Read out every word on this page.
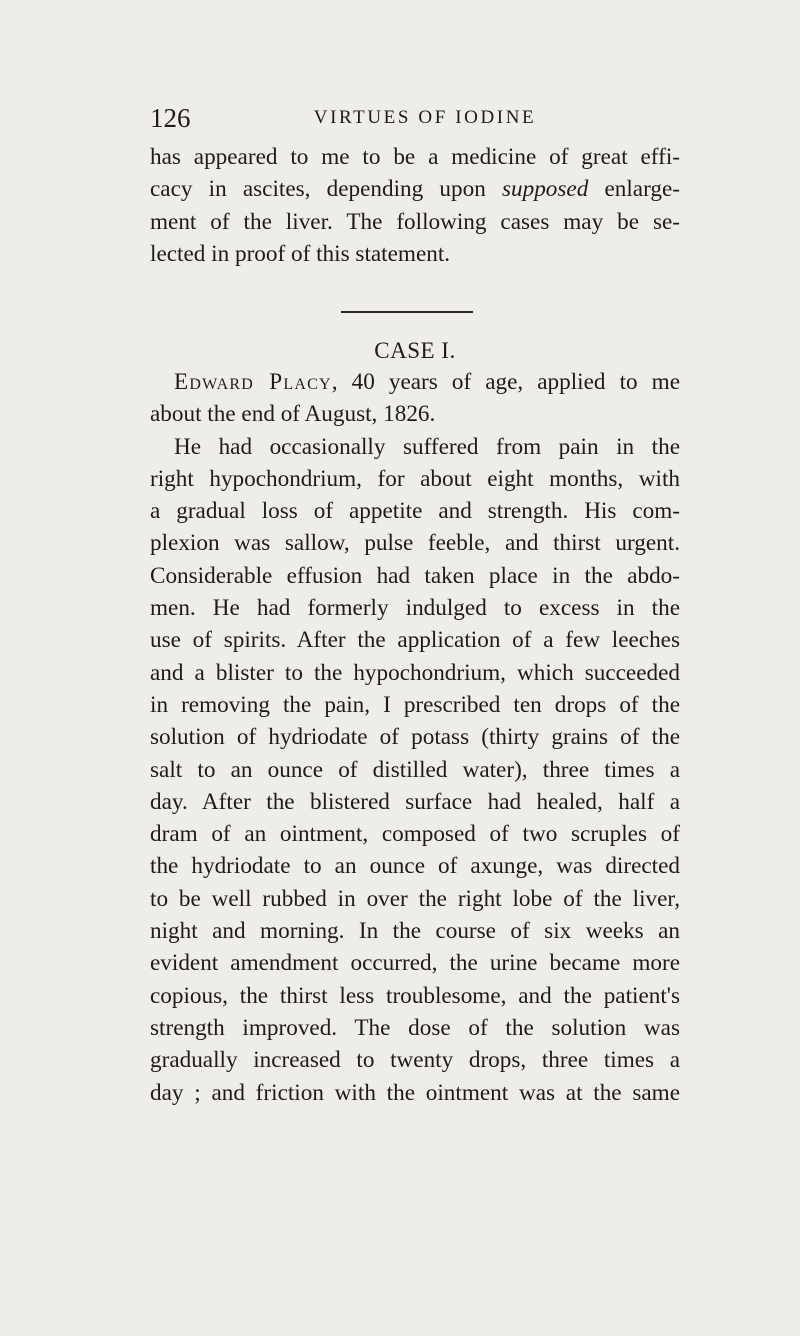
126	VIRTUES OF IODINE
has appeared to me to be a medicine of great effi-
cacy in ascites, depending upon supposed enlarge-
ment of the liver. The following cases may be se-
lected in proof of this statement.
CASE I.
Edward Placy, 40 years of age, applied to me
about the end of August, 1826.
He had occasionally suffered from pain in the
right hypochondrium, for about eight months, with
a gradual loss of appetite and strength. His com-
plexion was sallow, pulse feeble, and thirst urgent.
Considerable effusion had taken place in the abdo-
men. He had formerly indulged to excess in the
use of spirits. After the application of a few leeches
and a blister to the hypochondrium, which succeeded
in removing the pain, I prescribed ten drops of the
solution of hydriodate of potass (thirty grains of the
salt to an ounce of distilled water), three times a
day. After the blistered surface had healed, half a
dram of an ointment, composed of two scruples of
the hydriodate to an ounce of axunge, was directed
to be well rubbed in over the right lobe of the liver,
night and morning. In the course of six weeks an
evident amendment occurred, the urine became more
copious, the thirst less troublesome, and the patient's
strength improved. The dose of the solution was
gradually increased to twenty drops, three times a
day ; and friction with the ointment was at the same
